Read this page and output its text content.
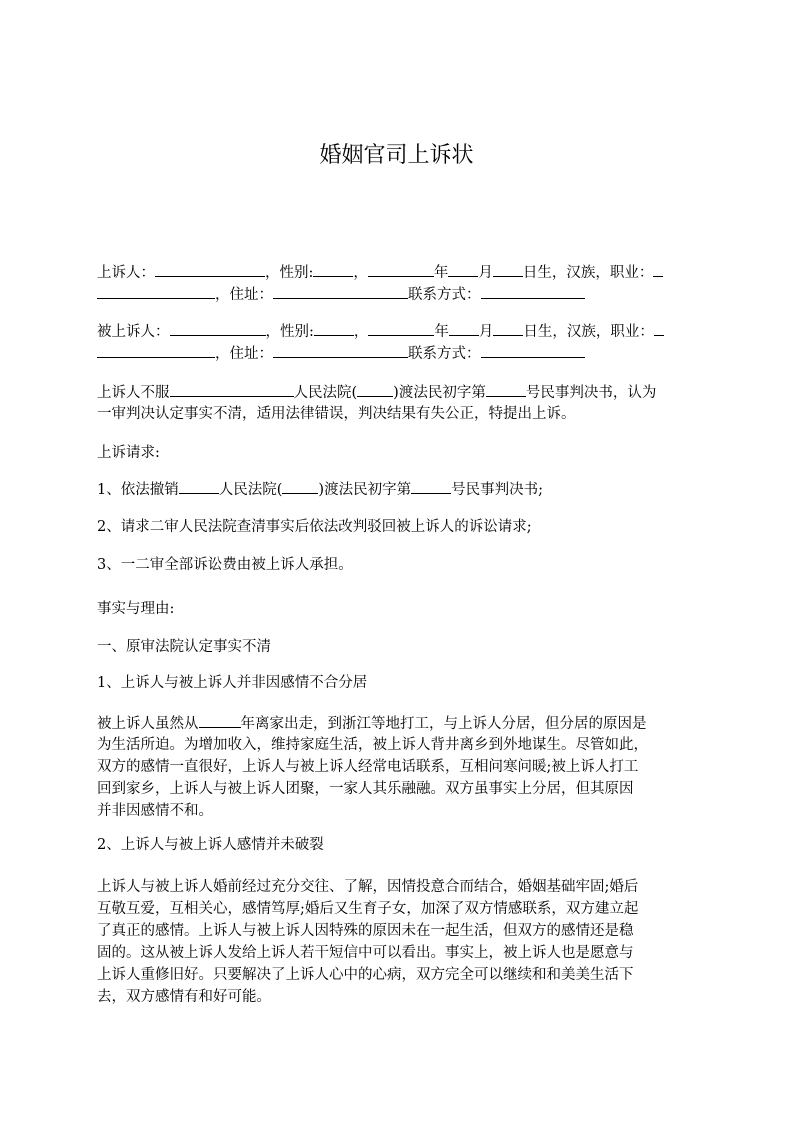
婚姻官司上诉状
上诉人：	，性别:	，	年 月 日生，汉族，职业：
，住址：	联系方式：
被上诉人：	，性别:	，	年 月 日生，汉族，职业：
，住址：	联系方式：
上诉人不服	人民法院( )渡法民初字第	号民事判决书，认为
一审判决认定事实不清，适用法律错误，判决结果有失公正，特提出上诉。
上诉请求:
1、依法撤销	人民法院( )渡法民初字第	号民事判决书;
2、请求二审人民法院查清事实后依法改判驳回被上诉人的诉讼请求;
3、一二审全部诉讼费由被上诉人承担。
事实与理由:
一、原审法院认定事实不清
1、上诉人与被上诉人并非因感情不合分居
被上诉人虽然从	年离家出走，到浙江等地打工，与上诉人分居，但分居的原因是
为生活所迫。为增加收入，维持家庭生活，被上诉人背井离乡到外地谋生。尽管如此，
双方的感情一直很好，上诉人与被上诉人经常电话联系，互相问寒问暖;被上诉人打工
回到家乡，上诉人与被上诉人团聚，一家人其乐融融。双方虽事实上分居，但其原因
并非因感情不和。
2、上诉人与被上诉人感情并未破裂
上诉人与被上诉人婚前经过充分交往、了解，因情投意合而结合，婚姻基础牢固;婚后
互敬互爱，互相关心，感情笃厚;婚后又生育子女，加深了双方情感联系，双方建立起
了真正的感情。上诉人与被上诉人因特殊的原因未在一起生活，但双方的感情还是稳
固的。这从被上诉人发给上诉人若干短信中可以看出。事实上，被上诉人也是愿意与
上诉人重修旧好。只要解决了上诉人心中的心病，双方完全可以继续和和美美生活下
去，双方感情有和好可能。
